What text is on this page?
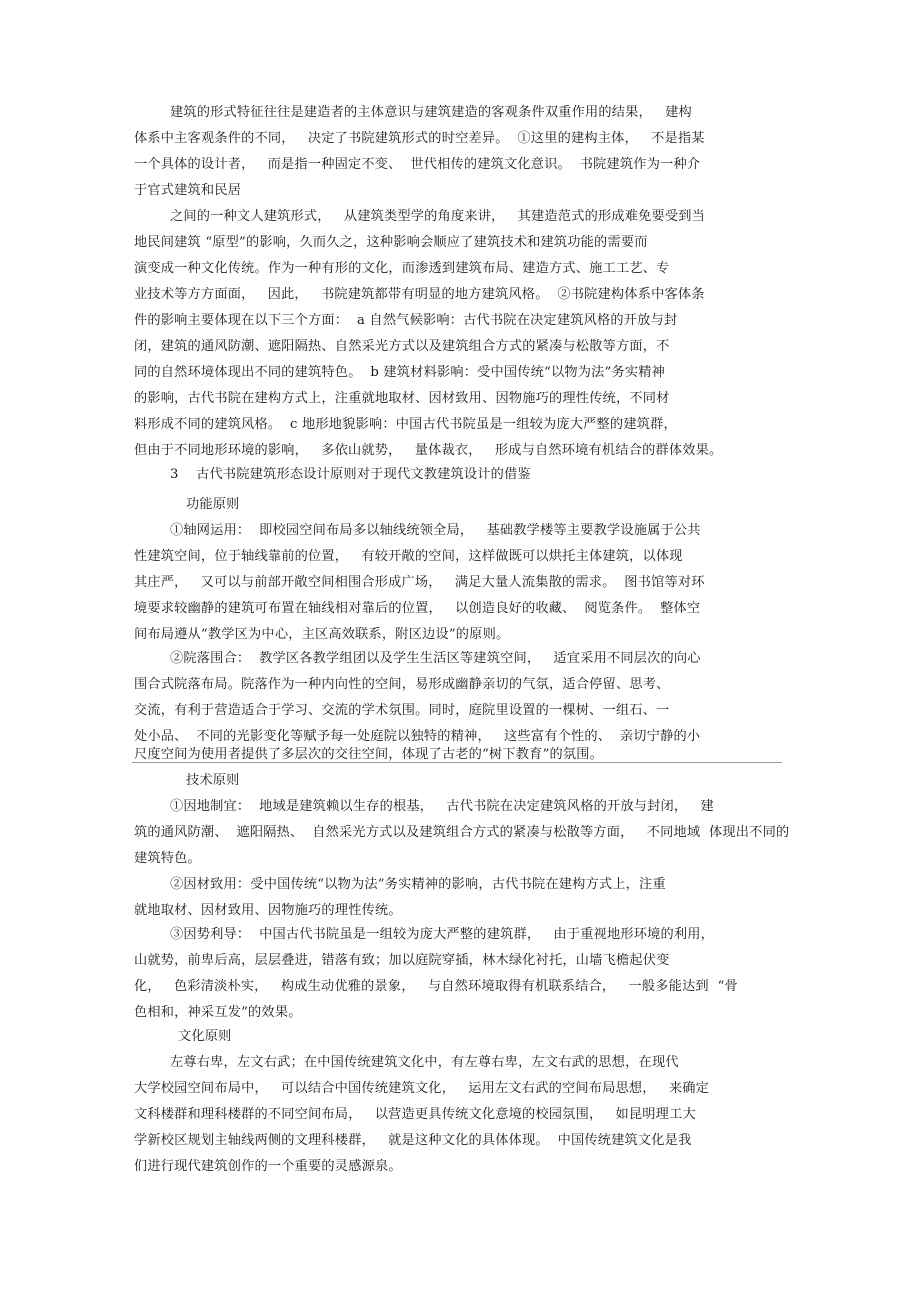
建筑的形式特征往往是建造者的主体意识与建筑建造的客观条件双重作用的结果，   建构
体系中主客观条件的不同，   决定了书院建筑形式的时空差异。  ①这里的建构主体，   不是指某
一个具体的设计者，   而是指一种固定不变、  世代相传的建筑文化意识。  书院建筑作为一种介
于官式建筑和民居
之间的一种文人建筑形式，   从建筑类型学的角度来讲，   其建造范式的形成难免要受到当
地民间建筑 “原型”的影响，久而久之，这种影响会顺应了建筑技术和建筑功能的需要而
演变成一种文化传统。作为一种有形的文化，而渗透到建筑布局、建造方式、施工工艺、专
业技术等方方面面，   因此，   书院建筑都带有明显的地方建筑风格。  ②书院建构体系中客体条
件的影响主要体现在以下三个方面：  a 自然气候影响：古代书院在决定建筑风格的开放与封
闭，建筑的通风防潮、遮阳隔热、自然采光方式以及建筑组合方式的紧凑与松散等方面，不
同的自然环境体现出不同的建筑特色。  b 建筑材料影响：受中国传统“以物为法”务实精神
的影响，古代书院在建构方式上，注重就地取材、因材致用、因物施巧的理性传统，不同材
料形成不同的建筑风格。  c 地形地貌影响：中国古代书院虽是一组较为庞大严整的建筑群，
但由于不同地形环境的影响，   多依山就势，   量体裁衣，   形成与自然环境有机结合的群体效果。
3    古代书院建筑形态设计原则对于现代文教建筑设计的借鉴
功能原则
①轴网运用：  即校园空间布局多以轴线统领全局，   基础教学楼等主要教学设施属于公共
性建筑空间，位于轴线靠前的位置，   有较开敞的空间，这样做既可以烘托主体建筑，以体现
其庄严，   又可以与前部开敞空间相围合形成广场，   满足大量人流集散的需求。  图书馆等对环
境要求较幽静的建筑可布置在轴线相对靠后的位置，   以创造良好的收藏、  阅览条件。  整体空
间布局遵从“教学区为中心，主区高效联系，附区边设”的原则。
②院落围合：  教学区各教学组团以及学生生活区等建筑空间，   适宜采用不同层次的向心
围合式院落布局。院落作为一种内向性的空间，易形成幽静亲切的气氛，适合停留、思考、
交流，有利于营造适合于学习、交流的学术氛围。同时，庭院里设置的一棵树、一组石、一
处小品、  不同的光影变化等赋予每一处庭院以独特的精神，   这些富有个性的、  亲切宁静的小
尺度空间为使用者提供了多层次的交往空间，体现了古老的“树下教育”的氛围。
技术原则
①因地制宜：  地域是建筑赖以生存的根基，   古代书院在决定建筑风格的开放与封闭，   建
筑的通风防潮、  遮阳隔热、  自然采光方式以及建筑组合方式的紧凑与松散等方面，   不同地域  体现出不同的
建筑特色。
②因材致用：受中国传统“以物为法”务实精神的影响，古代书院在建构方式上，注重
就地取材、因材致用、因物施巧的理性传统。
③因势利导：  中国古代书院虽是一组较为庞大严整的建筑群，   由于重视地形环境的利用，
山就势，前卑后高，层层叠进，错落有致；加以庭院穿插，林木绿化衬托，山墙飞檐起伏变
化，   色彩清淡朴实，   构成生动优雅的景象，   与自然环境取得有机联系结合，   一般多能达到  “骨
色相和，神采互发”的效果。
文化原则
左尊右卑，左文右武；在中国传统建筑文化中，有左尊右卑，左文右武的思想，在现代
大学校园空间布局中，   可以结合中国传统建筑文化，   运用左文右武的空间布局思想，   来确定
文科楼群和理科楼群的不同空间布局，   以营造更具传统文化意境的校园氛围，   如昆明理工大
学新校区规划主轴线两侧的文理科楼群，   就是这种文化的具体体现。  中国传统建筑文化是我
们进行现代建筑创作的一个重要的灵感源泉。
